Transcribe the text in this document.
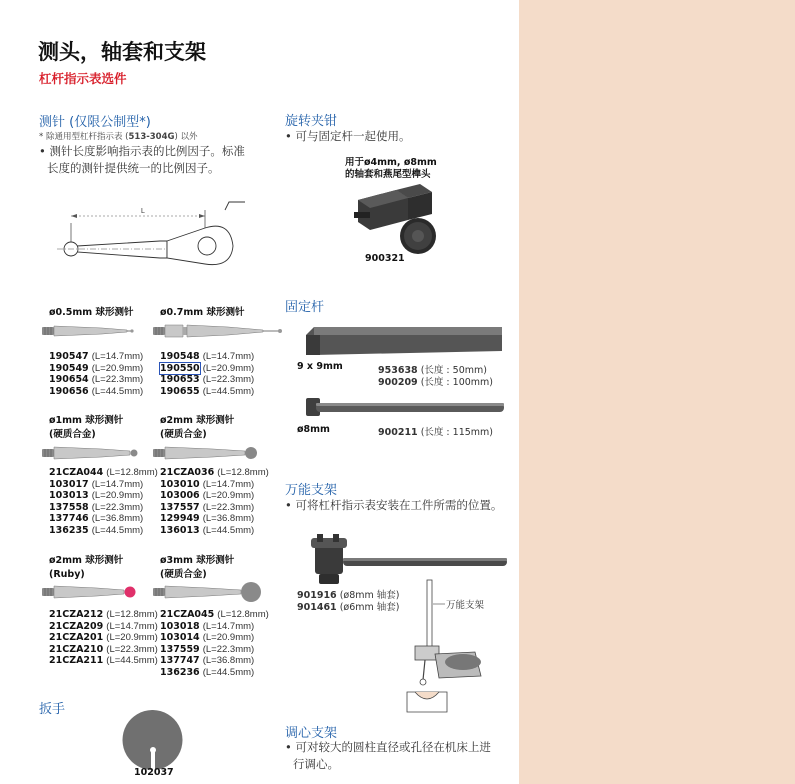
测头，轴套和支架
杠杆指示表选件
测针 (仅限公制型*)
* 除通用型杠杆指示表 (513-304G) 以外
• 测针长度影响指示表的比例因子。标准
长度的测针提供统一的比例因子。
L
ø0.5mm 球形测针
190547 (L=14.7mm)
190549 (L=20.9mm)
190654 (L=22.3mm)
190656 (L=44.5mm)
ø0.7mm 球形测针
190548 (L=14.7mm)
190550 (L=20.9mm)
190653 (L=22.3mm)
190655 (L=44.5mm)
ø1mm 球形测针
(硬质合金)
21CZA044 (L=12.8mm)
103017 (L=14.7mm)
103013 (L=20.9mm)
137558 (L=22.3mm)
137746 (L=36.8mm)
136235 (L=44.5mm)
ø2mm 球形测针
(硬质合金)
21CZA036 (L=12.8mm)
103010 (L=14.7mm)
103006 (L=20.9mm)
137557 (L=22.3mm)
129949 (L=36.8mm)
136013 (L=44.5mm)
ø2mm 球形测针
(Ruby)
21CZA212 (L=12.8mm)
21CZA209 (L=14.7mm)
21CZA201 (L=20.9mm)
21CZA210 (L=22.3mm)
21CZA211 (L=44.5mm)
ø3mm 球形测针
(硬质合金)
21CZA045 (L=12.8mm)
103018 (L=14.7mm)
103014 (L=20.9mm)
137559 (L=22.3mm)
137747 (L=36.8mm)
136236 (L=44.5mm)
扳手
102037
旋转夹钳
• 可与固定杆一起使用。
用于ø4mm, ø8mm
的轴套和燕尾型榫头
900321
固定杆
9 x 9mm	953638 (长度 : 50mm)
900209 (长度 : 100mm)
ø8mm	900211 (长度 : 115mm)
万能支架
• 可将杠杆指示表安装在工件所需的位置。
901916 (ø8mm 轴套)
901461 (ø6mm 轴套)	万能支架
调心支架
• 可对较大的圆柱直径或孔径在机床上进
行调心。
